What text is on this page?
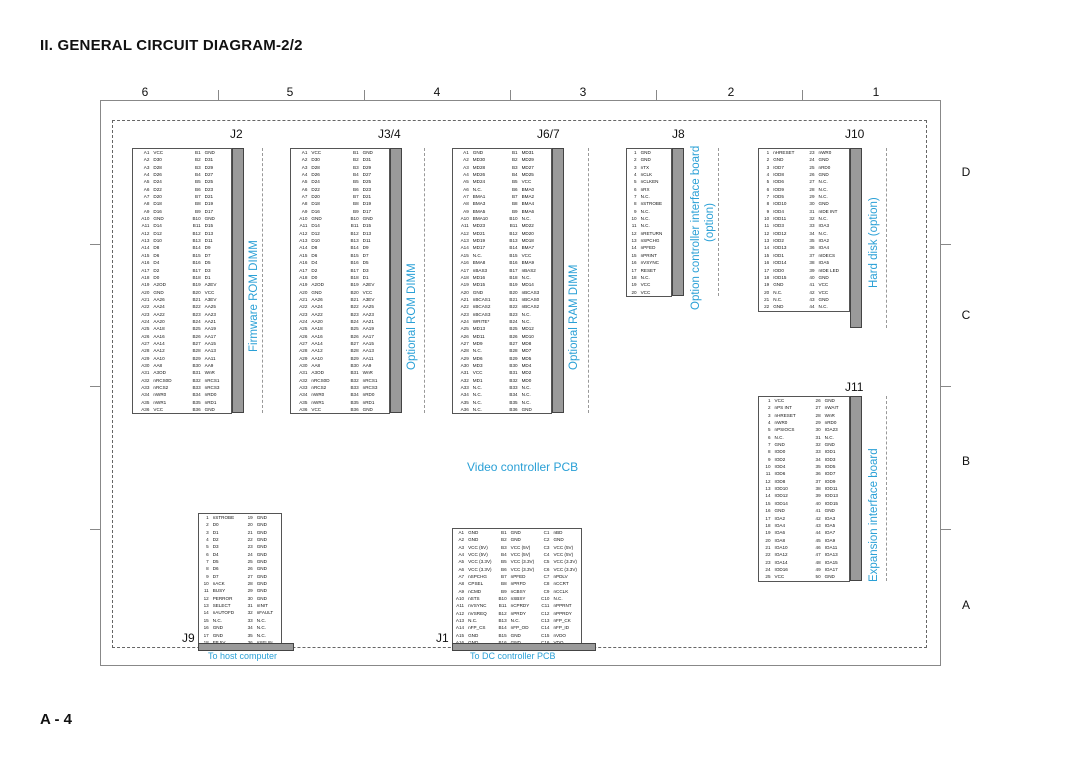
II. GENERAL CIRCUIT DIAGRAM-2/2
6	5	4	3	2	1
D
C
B
A
J2	J3/4	J6/7	J8	J10
J11
J9	J1
A1	VCC	B1	GND
A2	D30	B2	D31
A3	D28	B3	D29
A4	D26	B4	D27
A5	D24	B5	D25
A6	D22	B6	D23
A7	D20	B7	D21
A8	D18	B8	D19
A9	D16	B9	D17
A10	GND	B10	GND
A11	D14	B11	D15
A12	D12	B12	D13
A13	D10	B13	D11
A14	D8	B14	D9
A15	D6	B15	D7
A16	D4	B16	D5
A17	D2	B17	D3
A18	D0	B18	D1
A19	A2OD	B19	A2EV
A20	GND	B20	VCC
A21	AA26	B21	A3EV
A22	AA24	B22	AA25
A23	AA22	B23	AA23
A24	AA20	B24	AA21
A25	AA18	B25	AA19
A26	AA16	B26	AA17
A27	AA14	B27	AA15
A28	AA12	B28	AA13
A29	AA10	B29	AA11
A30	AA8	B30	AA9
A31	A3OD	B31	WnR
A32	nRCS0D	B32	nRCS1
A33	nRCS2	B33	nRCS3
A34	nWR0	B34	nRD0
A35	nWR1	B35	nRD1
A36	VCC	B36	GND
A1	VCC	B1	GND
A2	D30	B2	D31
A3	D28	B3	D29
A4	D26	B4	D27
A5	D24	B5	D25
A6	D22	B6	D23
A7	D20	B7	D21
A8	D18	B8	D19
A9	D16	B9	D17
A10	GND	B10	GND
A11	D14	B11	D15
A12	D12	B12	D13
A13	D10	B13	D11
A14	D8	B14	D9
A15	D6	B15	D7
A16	D4	B16	D5
A17	D2	B17	D3
A18	D0	B18	D1
A19	A2OD	B19	A2EV
A20	GND	B20	VCC
A21	AA26	B21	A3EV
A22	AA24	B22	AA25
A23	AA22	B23	AA23
A24	AA20	B24	AA21
A25	AA18	B25	AA19
A26	AA16	B26	AA17
A27	AA14	B27	AA15
A28	AA12	B28	AA13
A29	AA10	B29	AA11
A30	AA8	B30	AA9
A31	A3OD	B31	WnR
A32	nRCS0D	B32	nRCS1
A33	nRCS2	B33	nRCS3
A34	nWR0	B34	nRD0
A35	nWR1	B35	nRD1
A36	VCC	B36	GND
A1	GND	B1	MD31
A2	MD30	B2	MD29
A3	MD28	B3	MD27
A4	MD26	B4	MD25
A5	MD24	B5	VCC
A6	N.C.	B6	BMA0
A7	BMA1	B7	BMA2
A8	BMA3	B8	BMA4
A9	BMA5	B9	BMA6
A10	BMA10	B10	N.C.
A11	MD23	B11	MD22
A12	MD21	B12	MD20
A13	MD19	B13	MD18
A14	MD17	B14	BMA7
A15	N.C.	B15	VCC
A16	BMA8	B16	BMA9
A17	nBAS3	B17	nBAS2
A18	MD16	B18	N.C.
A19	MD15	B19	MD14
A20	GND	B20	nBCAS3
A21	nBCAS1	B21	nBCAS0
A22	nBCAS2	B22	nBCAS2
A23	nBCAS3	B23	N.C.
A24	WRITE*	B24	N.C.
A25	MD13	B25	MD12
A26	MD11	B26	MD10
A27	MD9	B27	MD8
A28	N.C.	B28	MD7
A29	MD6	B29	MD5
A30	MD3	B30	MD4
A31	VCC	B31	MD2
A32	MD1	B32	MD0
A33	N.C.	B33	N.C.
A34	N.C.	B34	N.C.
A35	N.C.	B35	N.C.
A36	N.C.	B36	GND
1	GND
2	GND
3	nTX
4	nCLK
5	nCLKEN
6	nRX
7	N.C.
8	nSTROBE
9	N.C.
10	N.C.
11	N.C.
12	nRETURN
13	nSPCHG
14	nPFED
15	nPRINT
16	nVSYNC
17	RESET
18	N.C.
19	VCC
20	VCC
1	nHRESET	23	nWR0
2	GND	24	GND
3	IOD7	25	nRD0
4	IOD8	26	GND
5	IOD6	27	N.C.
6	IOD9	28	N.C.
7	IOD5	29	N.C.
8	IOD10	30	GND
9	IOD4	31	nIDE INT
10	IOD11	32	N.C.
11	IOD3	33	IOA3
12	IOD12	34	N.C.
13	IOD2	35	IOA2
14	IOD13	36	IOA4
15	IOD1	37	nIDECS
16	IOD14	38	IOA5
17	IOD0	39	nIDE LED
18	IOD15	40	GND
19	GND	41	VCC
20	N.C.	42	VCC
21	N.C.	43	GND
22	GND	44	N.C.
1	VCC	26	GND
2	nPS INT	27	nWAIT
3	nHRESET	28	WnR
4	nWR0	29	nRD0
5	nPSIOCS	30	IOA23
6	N.C.	31	N.C.
7	GND	32	GND
8	IOD0	33	IOD1
9	IOD2	34	IOD3
10	IOD4	35	IOD5
11	IOD6	36	IOD7
12	IOD8	37	IOD9
13	IOD10	38	IOD11
14	IOD12	39	IOD13
15	IOD14	40	IOD15
16	GND	41	GND
17	IOA2	42	IOA3
18	IOA4	43	IOA5
19	IOA6	44	IOA7
20	IOA8	45	IOA9
21	IOA10	46	IOA11
22	IOA12	47	IOA13
23	IOA14	48	IOA15
24	IOD16	49	IOA17
25	VCC	50	GND
1	nSTROBE	19	GND
2	D0	20	GND
3	D1	21	GND
4	D2	22	GND
5	D3	23	GND
6	D4	24	GND
7	D5	25	GND
8	D6	26	GND
9	D7	27	GND
10	nACK	28	GND
11	BUSY	29	GND
12	PERROR	30	GND
13	SELECT	31	nINIT
14	nAUTOFD	32	nFAULT
15	N.C.	33	N.C.
16	GND	34	N.C.
17	GND	35	N.C.

A1	GND	B1	GND	C1	nBD
A2	GND	B2	GND	C2	GND
A3	VCC (5V)	B3	VCC (5V)	C3	VCC (5V)
A4	VCC (5V)	B4	VCC (5V)	C4	VCC (5V)
A5	VCC (3.3V)	B5	VCC (3.3V)	C5	VCC (3.3V)
A6	VCC (3.3V)	B6	VCC (3.3V)	C6	VCC (3.3V)
A7	nSPCHG	B7	nPFED	C7	nPDLV
A8	CPSEL	B8	nPRFD	C8	nCCRT
A9	nCMD	B9	nCBSY	C9	nCCLK
A10	nSTS	B10	nSBSY	C10	N.C.
A11	nVSYNC	B11	nCPRDY	C11	nPPRNT
A12	nVSREQ	B12	nPRDY	C12	nPPRDY
A13	N.C.	B13	N.C.	C13	nFP_CK
A14	nFP_CS	B14	nFP_OD	C14	nFP_ID
A15	GND	B15	GND	C15	nVDO

Firmware ROM DIMM	Optional ROM DIMM	Optional RAM DIMM
Option controller interface board (option)	Hard disk (option)
Expansion interface board
Video controller PCB
To host computer	To DC controller PCB
A - 4
